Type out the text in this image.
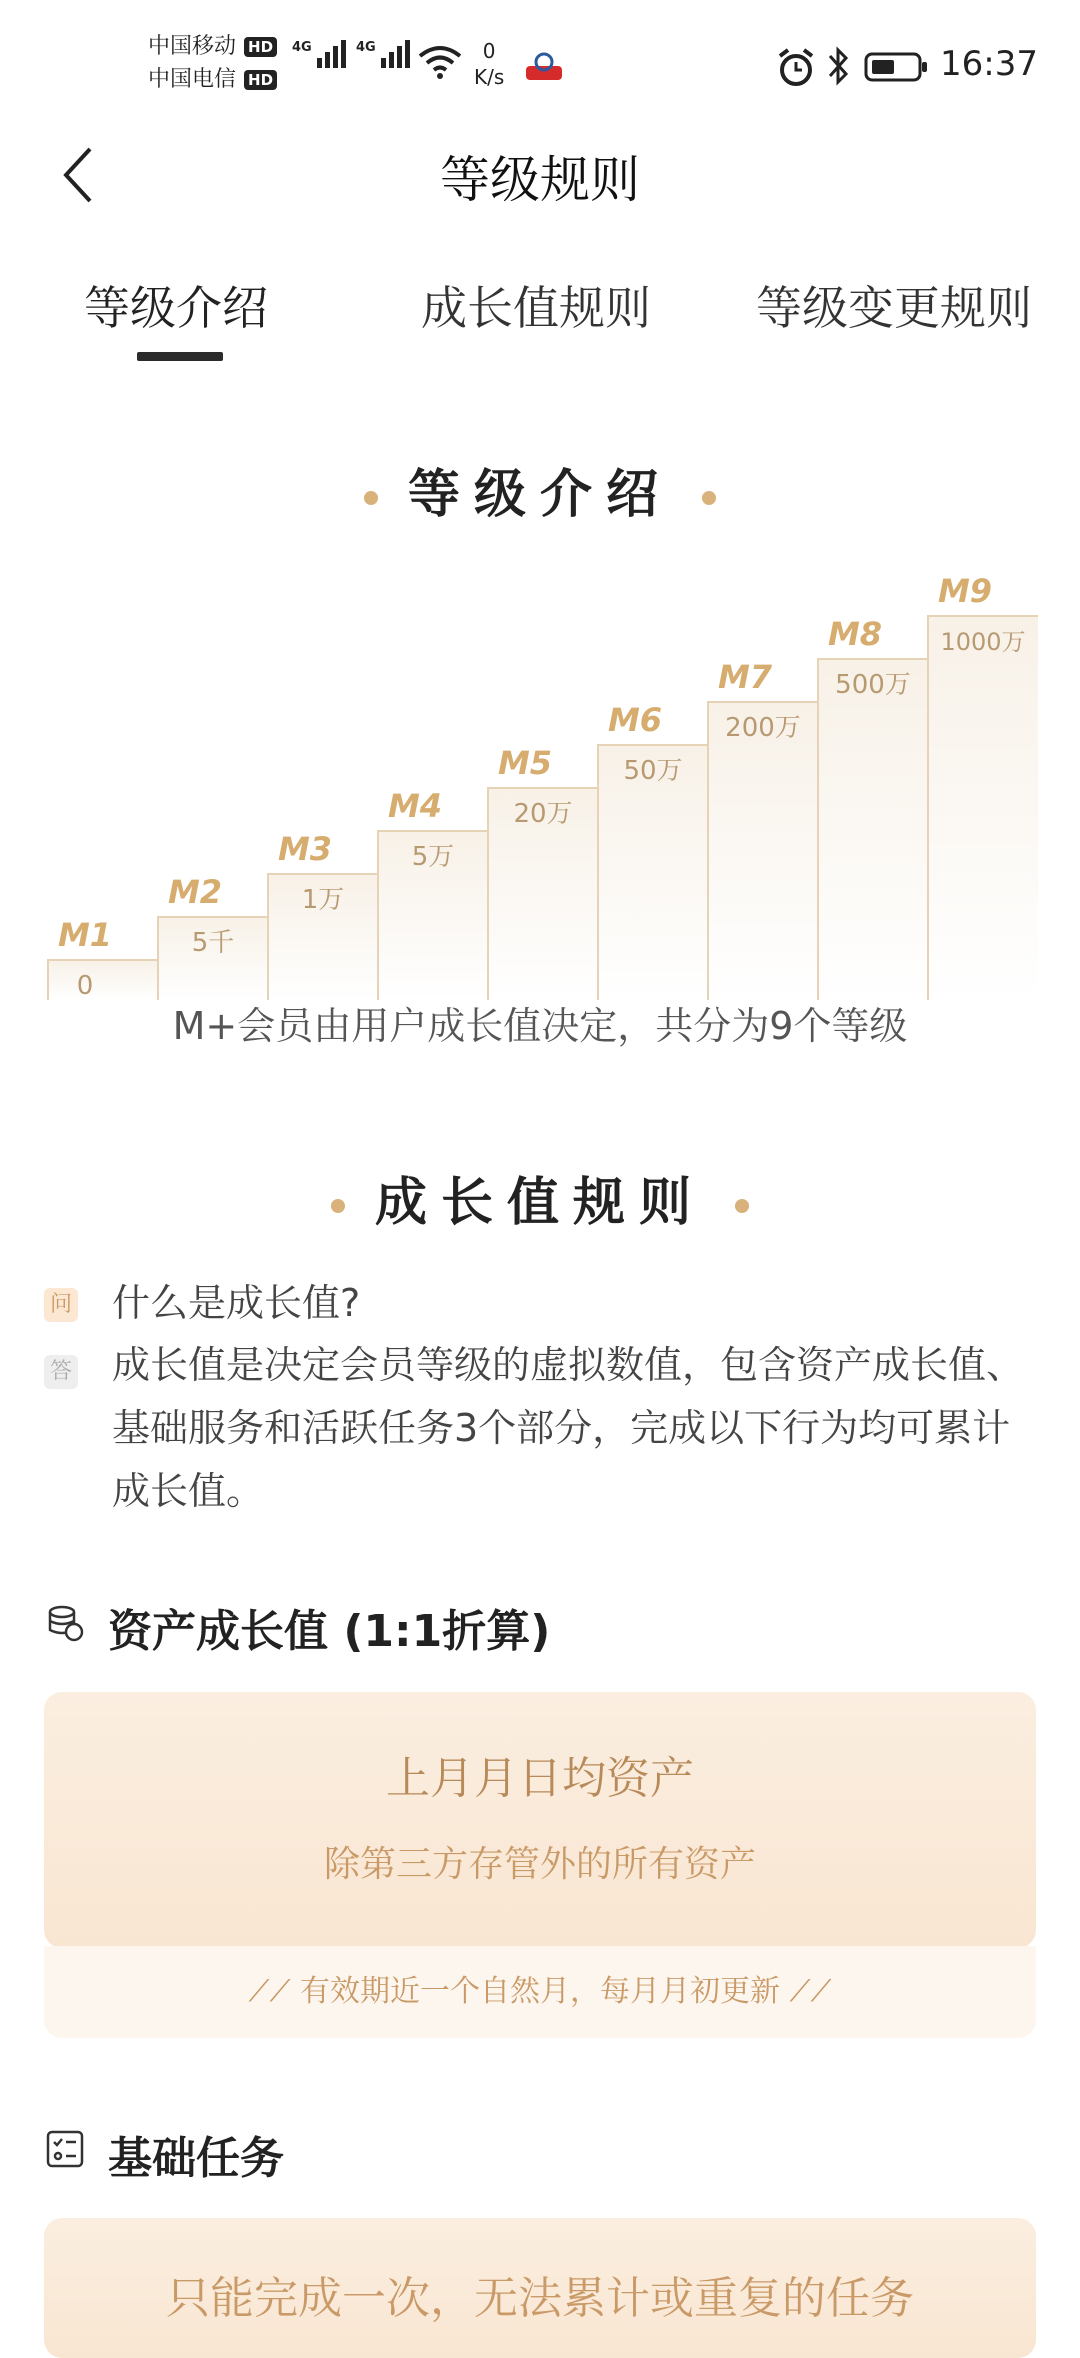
中国移动 HD
中国电信 HD
4G	4G	0
K/s	16:37
等级规则
等级介绍	成长值规则 等级变更规则
等级介绍
M1
0
M2
5千
M3
1万
M4
5万
M5
20万
M6
50万
M7
200万
M8
500万
M9
1000万
M+会员由用户成长值决定，共分为9个等级
成长值规则
问 什么是成长值?
答 成长值是决定会员等级的虚拟数值，包含资产成长值、基础服务和活跃任务3个部分，完成以下行为均可累计成长值。
资产成长值 (1:1折算)
上月月日均资产
除第三方存管外的所有资产
⟋⟋ 有效期近一个自然月，每月月初更新 ⟋⟋
基础任务
只能完成一次，无法累计或重复的任务
